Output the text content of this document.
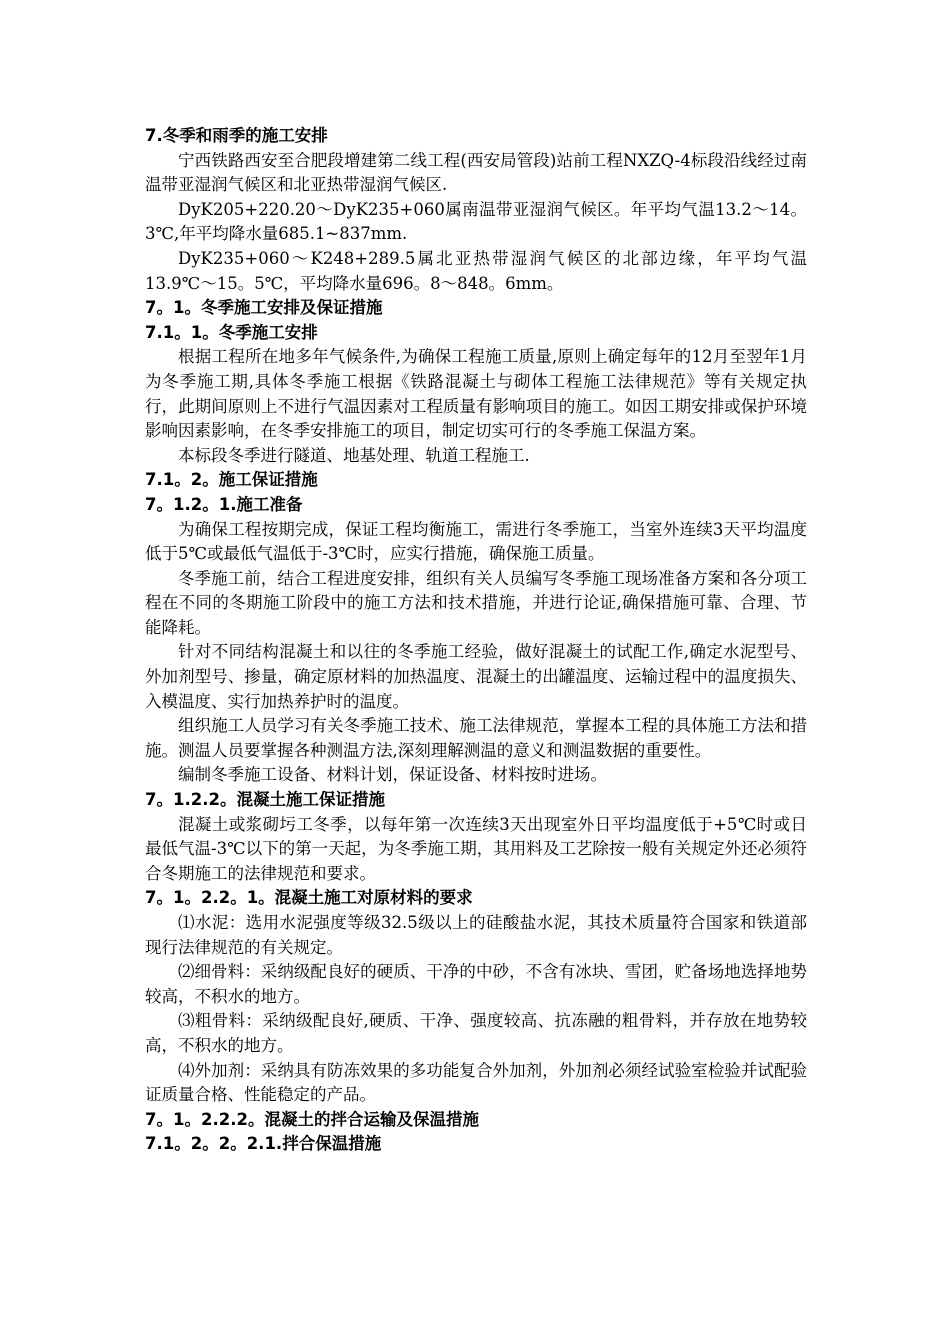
7.冬季和雨季的施工安排
宁西铁路西安至合肥段增建第二线工程(西安局管段)站前工程NXZQ-4标段沿线经过南温带亚湿润气候区和北亚热带湿润气候区.
DyK205+220.20～DyK235+060属南温带亚湿润气候区。年平均气温13.2～14。3℃,年平均降水量685.1~837mm.
DyK235+060～K248+289.5属北亚热带湿润气候区的北部边缘，年平均气温13.9℃～15。5℃，平均降水量696。8～848。6mm。
7。1。冬季施工安排及保证措施
7.1。1。冬季施工安排
根据工程所在地多年气候条件,为确保工程施工质量,原则上确定每年的12月至翌年1月为冬季施工期,具体冬季施工根据《铁路混凝土与砌体工程施工法律规范》等有关规定执行，此期间原则上不进行气温因素对工程质量有影响项目的施工。如因工期安排或保护环境影响因素影响，在冬季安排施工的项目，制定切实可行的冬季施工保温方案。
本标段冬季进行隧道、地基处理、轨道工程施工.
7.1。2。施工保证措施
7。1.2。1.施工准备
为确保工程按期完成，保证工程均衡施工，需进行冬季施工，当室外连续3天平均温度低于5℃或最低气温低于-3℃时，应实行措施，确保施工质量。
冬季施工前，结合工程进度安排，组织有关人员编写冬季施工现场准备方案和各分项工程在不同的冬期施工阶段中的施工方法和技术措施，并进行论证,确保措施可靠、合理、节能降耗。
针对不同结构混凝土和以往的冬季施工经验，做好混凝土的试配工作,确定水泥型号、外加剂型号、掺量，确定原材料的加热温度、混凝土的出罐温度、运输过程中的温度损失、入模温度、实行加热养护时的温度。
组织施工人员学习有关冬季施工技术、施工法律规范，掌握本工程的具体施工方法和措施。测温人员要掌握各种测温方法,深刻理解测温的意义和测温数据的重要性。
编制冬季施工设备、材料计划，保证设备、材料按时进场。
7。1.2.2。混凝土施工保证措施
混凝土或浆砌圬工冬季，以每年第一次连续3天出现室外日平均温度低于+5℃时或日最低气温-3℃以下的第一天起，为冬季施工期，其用料及工艺除按一般有关规定外还必须符合冬期施工的法律规范和要求。
7。1。2.2。1。混凝土施工对原材料的要求
⑴水泥：选用水泥强度等级32.5级以上的硅酸盐水泥，其技术质量符合国家和铁道部现行法律规范的有关规定。
⑵细骨料：采纳级配良好的硬质、干净的中砂，不含有冰块、雪团，贮备场地选择地势较高，不积水的地方。
⑶粗骨料：采纳级配良好,硬质、干净、强度较高、抗冻融的粗骨料，并存放在地势较高，不积水的地方。
⑷外加剂：采纳具有防冻效果的多功能复合外加剂，外加剂必须经试验室检验并试配验证质量合格、性能稳定的产品。
7。1。2.2.2。混凝土的拌合运输及保温措施
7.1。2。2。2.1.拌合保温措施
